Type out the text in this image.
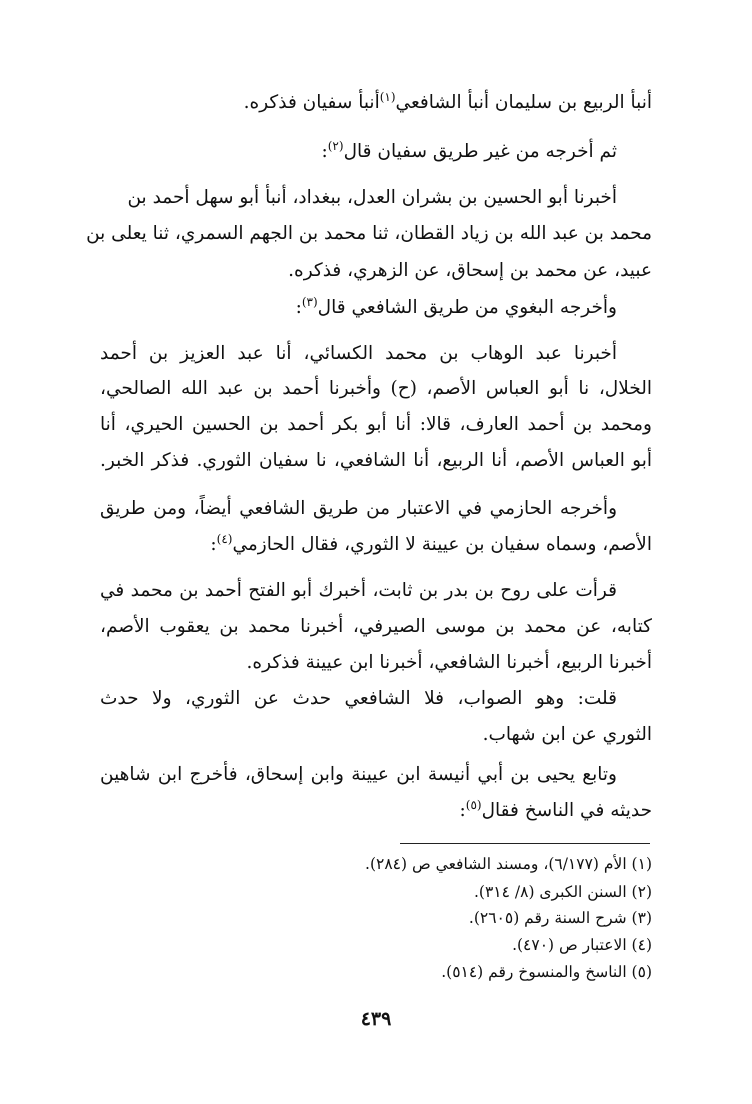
أنبأ الربيع بن سليمان أنبأ الشافعي$^{(١)}$أنبأ سفيان فذكره.
ثم أخرجه من غير طريق سفيان قال$^{(٢)}$:
أخبرنا أبو الحسين بن بشران العدل، ببغداد، أنبأ أبو سهل أحمد بن
محمد بن عبد الله بن زياد القطان، ثنا محمد بن الجهم السمري، ثنا يعلى بن
عبيد، عن محمد بن إسحاق، عن الزهري، فذكره.
وأخرجه البغوي من طريق الشافعي قال$^{(٣)}$:
أخبرنا عبد الوهاب بن محمد الكسائي، أنا عبد العزيز بن أحمد
الخلال، نا أبو العباس الأصم، (ح) وأخبرنا أحمد بن عبد الله الصالحي،
ومحمد بن أحمد العارف، قالا: أنا أبو بكر أحمد بن الحسين الحيري، أنا
أبو العباس الأصم، أنا الربيع، أنا الشافعي، نا سفيان الثوري. فذكر الخبر.
وأخرجه الحازمي في الاعتبار من طريق الشافعي أيضاً، ومن طريق
الأصم، وسماه سفيان بن عيينة لا الثوري، فقال الحازمي$^{(٤)}$:
قرأت على روح بن بدر بن ثابت، أخبرك أبو الفتح أحمد بن محمد في
كتابه، عن محمد بن موسى الصيرفي، أخبرنا محمد بن يعقوب الأصم،
أخبرنا الربيع، أخبرنا الشافعي، أخبرنا ابن عيينة فذكره.
قلت: وهو الصواب، فلا الشافعي حدث عن الثوري، ولا حدث
الثوري عن ابن شهاب.
وتابع يحيى بن أبي أنيسة ابن عيينة وابن إسحاق، فأخرج ابن شاهين
حديثه في الناسخ فقال$^{(٥)}$:
(١) الأم (٦/١٧٧)، ومسند الشافعي ص (٢٨٤).
(٢) السنن الكبرى (٨/ ٣١٤).
(٣) شرح السنة رقم (٢٦٠٥).
(٤) الاعتبار ص (٤٧٠).
(٥) الناسخ والمنسوخ رقم (٥١٤).
٤٣٩
